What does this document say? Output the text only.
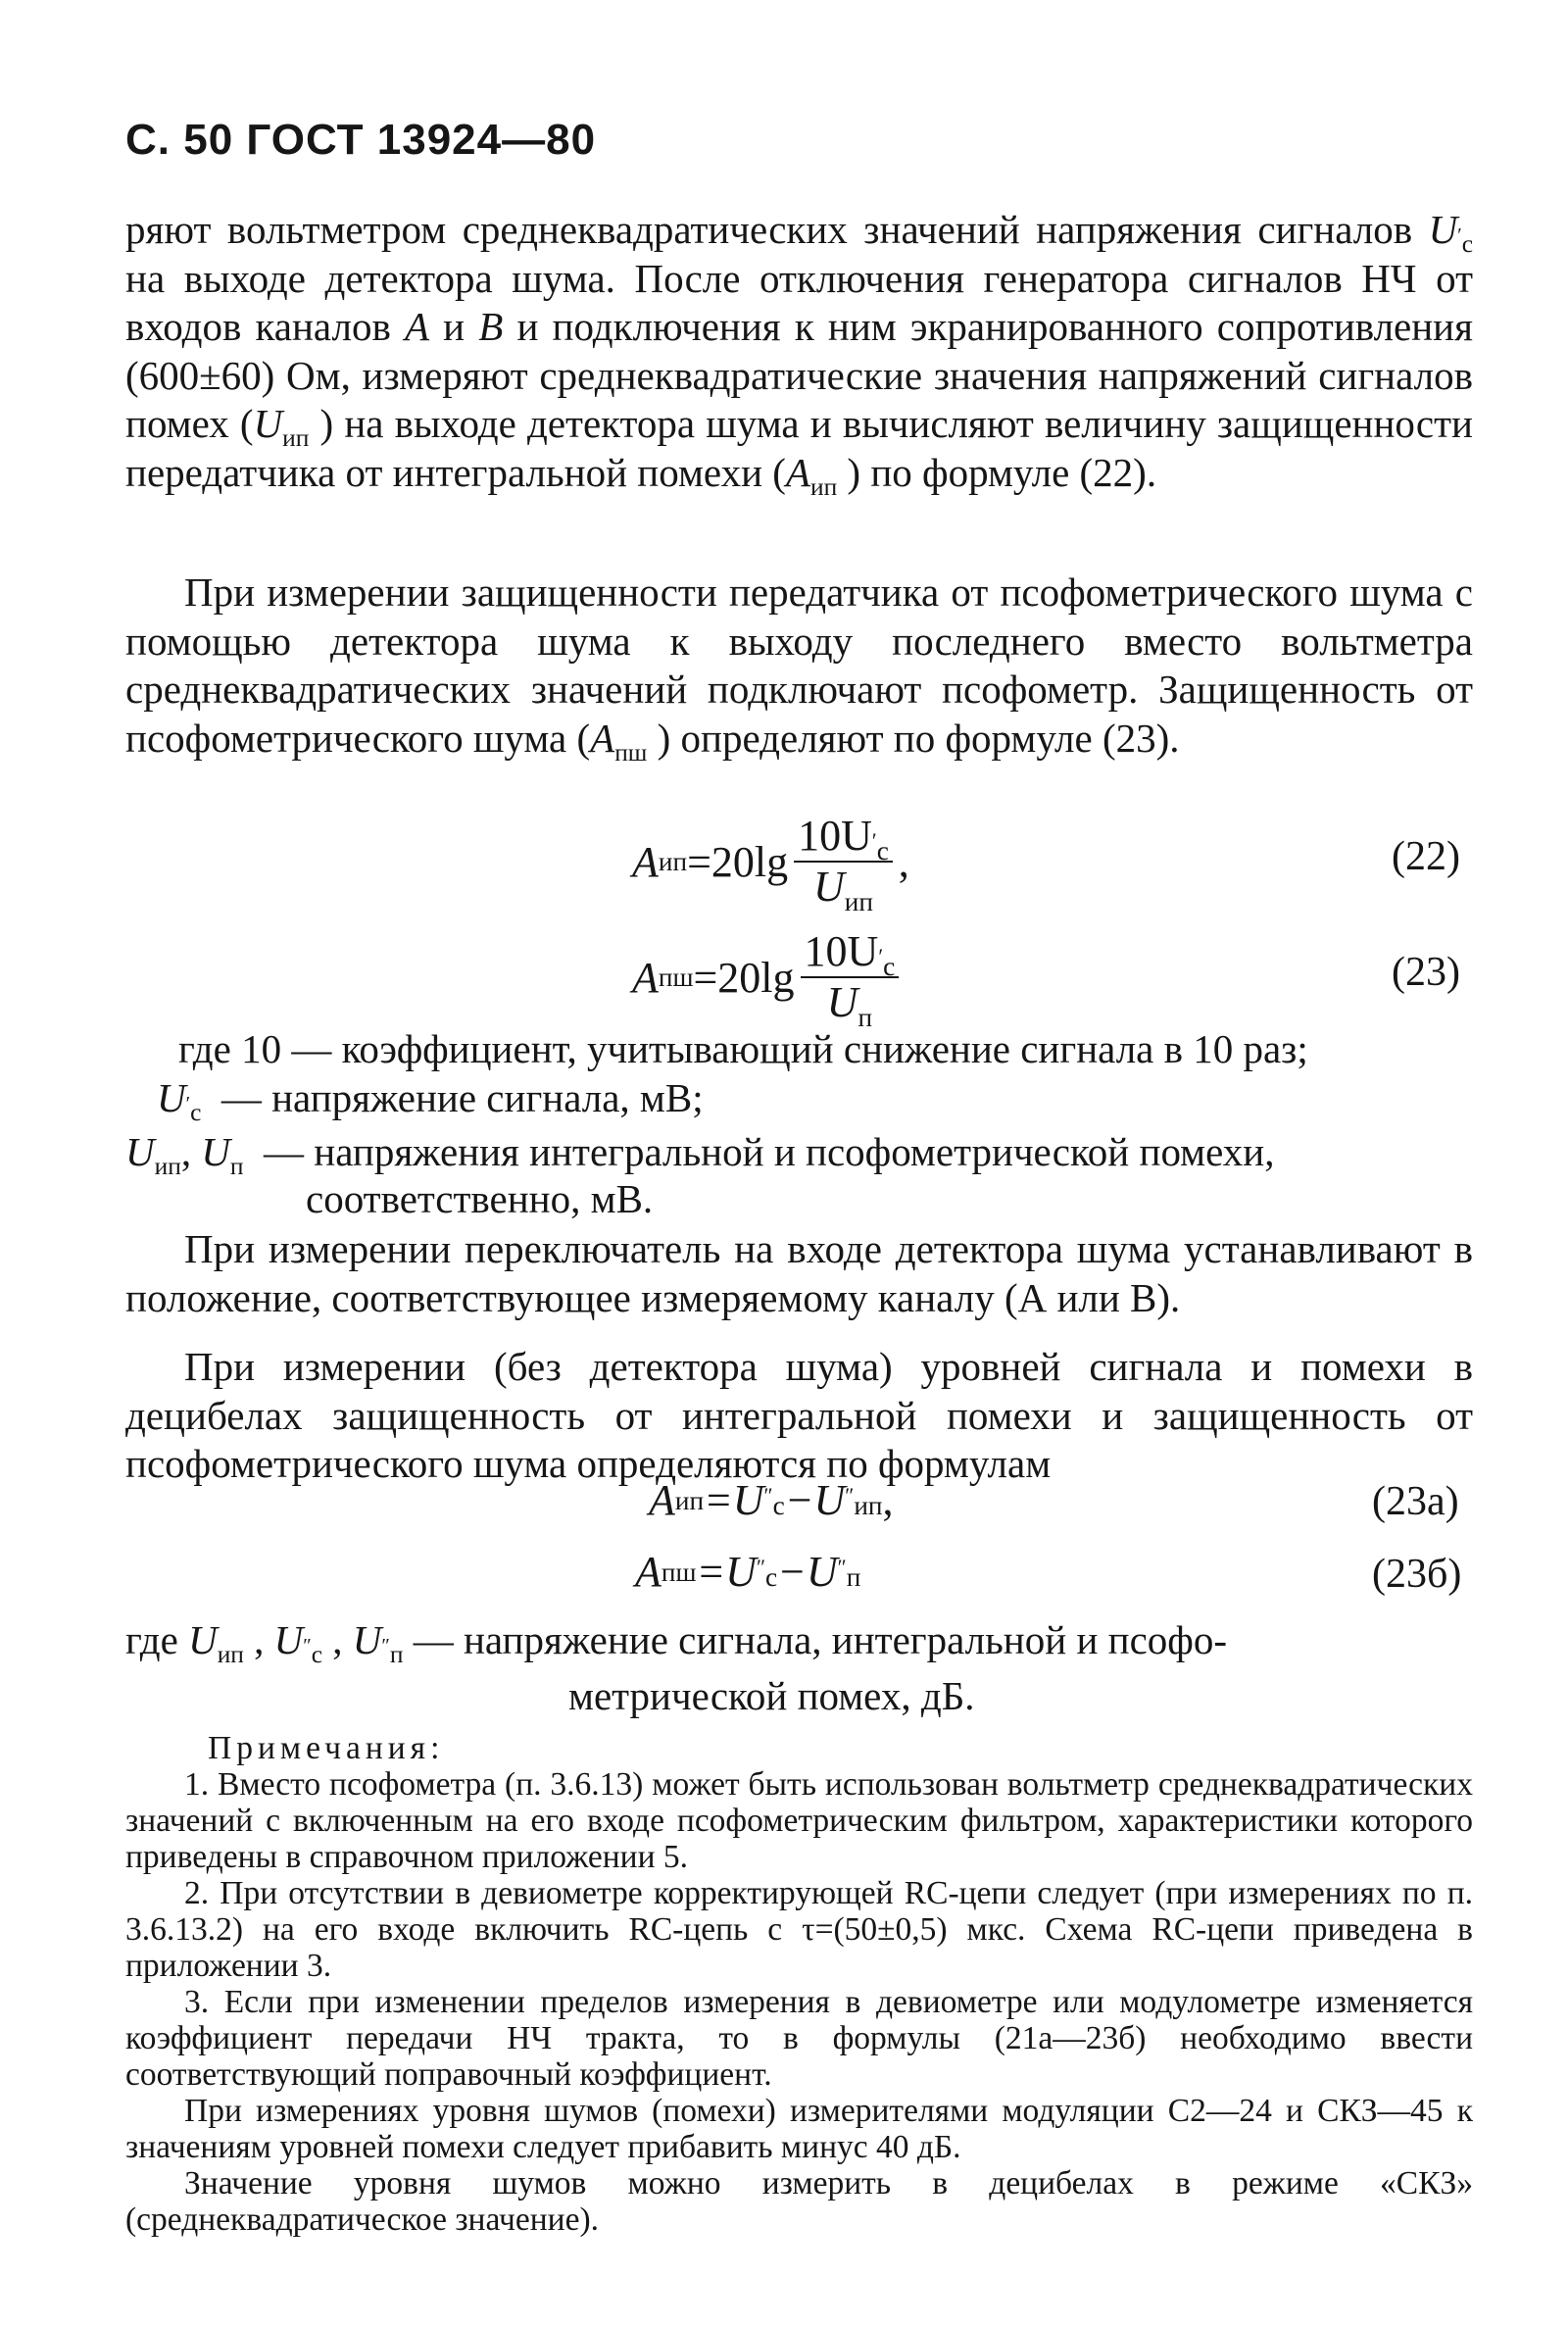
С. 50 ГОСТ 13924—80

ряют вольтметром среднеквадратических значений напряжения сигналов $U_{'с}$ на выходе детектора шума. После отключения генератора сигналов НЧ от входов каналов А и В и подключения к ним экранированного сопротивления (600±60) Ом, измеряют среднеквадратические значения напряжений сигналов помех ($U_{ип}$ ) на выходе детектора шума и вычисляют величину защищенности передатчика от интегральной помехи ($А_{ип}$ ) по формуле (22).

При измерении защищенности передатчика от псофометрического шума с помощью детектора шума к выходу последнего вместо вольтметра среднеквадратических значений подключают псофометр. Защищенность от псофометрического шума ($А_{пш}$ ) определяют по формуле (23).

А ип $=20\lg \frac{10U_{'с}}{U_{ип}}$ ,	(22)
А пш $=20\lg \frac{10U_{'с}}{U_п}$	(23)
где 10 — коэффициент, учитывающий снижение сигнала в 10 раз;
$U_{'с}$ — напряжение сигнала, мВ;
$U_{ип}$, $U_п$ — напряжения интегральной и псофометрической помехи,
соответственно, мВ.

При измерении переключатель на входе детектора шума устанавливают в положение, соответствующее измеряемому каналу (А или В).

При измерении (без детектора шума) уровней сигнала и помехи в децибелах защищенность от интегральной помехи и защищенность от псофометрического шума определяются по формулам

А ип =U ″с −U ″ип ,	(23а)
А пш =U ″с −U ″п	(23б)
где $U_{ип}$ , $U_{''с}$ , $U_{''п}$ — напряжение сигнала, интегральной и псофо-
метрической помех, дБ.

Примечания:

1. Вместо псофометра (п. 3.6.13) может быть использован вольтметр среднеквадратических значений с включенным на его входе псофометрическим фильтром, характеристики которого приведены в справочном приложении 5.

2. При отсутствии в девиометре корректирующей RC-цепи следует (при измерениях по п. 3.6.13.2) на его входе включить RC-цепь с τ=(50±0,5) мкс. Схема RC-цепи приведена в приложении 3.

3. Если при изменении пределов измерения в девиометре или модулометре изменяется коэффициент передачи НЧ тракта, то в формулы (21а—23б) необходимо ввести соответствующий поправочный коэффициент.

При измерениях уровня шумов (помехи) измерителями модуляции С2—24 и СКЗ—45 к значениям уровней помехи следует прибавить минус 40 дБ.

Значение уровня шумов можно измерить в децибелах в режиме «СКЗ» (среднеквадратическое значение).
